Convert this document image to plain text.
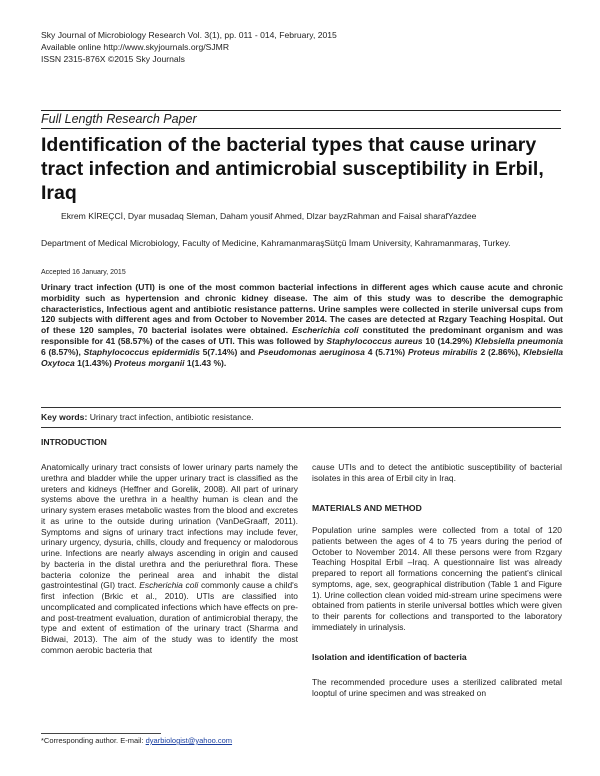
Sky Journal of Microbiology Research Vol. 3(1), pp. 011 - 014, February, 2015
Available online http://www.skyjournals.org/SJMR
ISSN 2315-876X ©2015 Sky Journals
Full Length Research Paper
Identification of the bacterial types that cause urinary tract infection and antimicrobial susceptibility in Erbil, Iraq
Ekrem KİREÇCİ, Dyar musadaq Sleman, Daham yousif Ahmed, Dlzar bayzRahman and Faisal sharafYazdee
Department of Medical Microbiology, Faculty of Medicine, KahramanmaraşSütçü İmam University, Kahramanmaraş, Turkey.
Accepted 16 January, 2015

Urinary tract infection (UTI) is one of the most common bacterial infections in different ages which cause acute and chronic morbidity such as hypertension and chronic kidney disease. The aim of this study was to describe the demographic characteristics, Infectious agent and antibiotic resistance patterns. Urine samples were collected in sterile universal cups from 120 subjects with different ages and from October to November 2014. The cases are detected at Rzgary Teaching Hospital. Out of these 120 samples, 70 bacterial isolates were obtained. Escherichia coli constituted the predominant organism and was responsible for 41 (58.57%) of the cases of UTI. This was followed by Staphylococcus aureus 10 (14.29%) Klebsiella pneumonia 6 (8.57%), Staphylococcus epidermidis 5(7.14%) and Pseudomonas aeruginosa 4 (5.71%) Proteus mirabilis 2 (2.86%), Klebsiella Oxytoca 1(1.43%) Proteus morganii 1(1.43 %).

Key words: Urinary tract infection, antibiotic resistance.
INTRODUCTION

Anatomically urinary tract consists of lower urinary parts namely the urethra and bladder while the upper urinary tract is classified as the ureters and kidneys (Heffner and Gorelik, 2008). All part of urinary systems above the urethra in a healthy human is clean and the urinary system erases metabolic wastes from the blood and excretes it as urine to the outside during urination (VanDeGraaff, 2011). Symptoms and signs of urinary tract infections may include fever, urinary urgency, dysuria, chills, cloudy and frequency or malodorous urine. Infections are nearly always ascending in origin and caused by bacteria in the distal urethra and the periurethral flora. These bacteria colonize the perineal area and inhabit the distal gastrointestinal (GI) tract. Escherichia coli commonly cause a child's first infection (Brkic et al., 2010). UTIs are classified into uncomplicated and complicated infections which have effects on pre-and post-treatment evaluation, duration of antimicrobial therapy, the type and extent of estimation of the urinary tract (Sharma and Bidwai, 2013). The aim of the study was to identify the most common aerobic bacteria that

cause UTIs and to detect the antibiotic susceptibility of bacterial isolates in this area of Erbil city in Iraq.

MATERIALS AND METHOD

Population urine samples were collected from a total of 120 patients between the ages of 4 to 75 years during the period of October to November 2014. All these persons were from Rzgary Teaching Hospital Erbil –Iraq. A questionnaire list was already prepared to report all formations concerning the patient's clinical symptoms, age, sex, geographical distribution (Table 1 and Figure 1). Urine collection clean voided mid-stream urine specimens were obtained from patients in sterile universal bottles which were given to their parents for collections and transported to the laboratory immediately in urinalysis.

Isolation and identification of bacteria

The recommended procedure uses a sterilized calibrated metal looptul of urine specimen and was streaked on

*Corresponding author. E-mail: dyarbiologist@yahoo.com
